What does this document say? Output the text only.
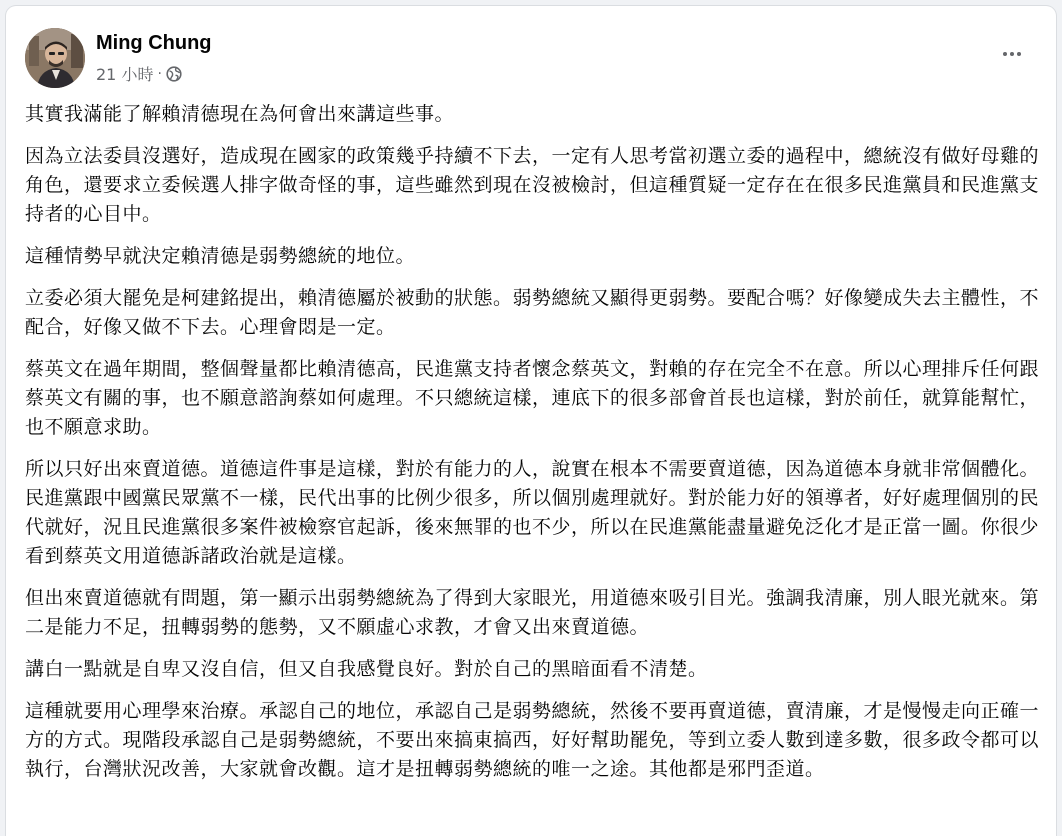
Ming Chung
21 小時 ·

其實我滿能了解賴清德現在為何會出來講這些事。

因為立法委員沒選好，造成現在國家的政策幾乎持續不下去，一定有人思考當初選立委的過程中，總統沒有做好母雞的角色，還要求立委候選人排字做奇怪的事，這些雖然到現在沒被檢討，但這種質疑一定存在在很多民進黨員和民進黨支持者的心目中。

這種情勢早就決定賴清德是弱勢總統的地位。

立委必須大罷免是柯建銘提出，賴清德屬於被動的狀態。弱勢總統又顯得更弱勢。要配合嗎？好像變成失去主體性，不配合，好像又做不下去。心理會悶是一定。

蔡英文在過年期間，整個聲量都比賴清德高，民進黨支持者懷念蔡英文，對賴的存在完全不在意。所以心理排斥任何跟蔡英文有關的事，也不願意諮詢蔡如何處理。不只總統這樣，連底下的很多部會首長也這樣，對於前任，就算能幫忙，也不願意求助。

所以只好出來賣道德。道德這件事是這樣，對於有能力的人，說實在根本不需要賣道德，因為道德本身就非常個體化。民進黨跟中國黨民眾黨不一樣，民代出事的比例少很多，所以個別處理就好。對於能力好的領導者，好好處理個別的民代就好，況且民進黨很多案件被檢察官起訴，後來無罪的也不少，所以在民進黨能盡量避免泛化才是正當一圖。你很少看到蔡英文用道德訴諸政治就是這樣。

但出來賣道德就有問題，第一顯示出弱勢總統為了得到大家眼光，用道德來吸引目光。強調我清廉，別人眼光就來。第二是能力不足，扭轉弱勢的態勢，又不願虛心求教，才會又出來賣道德。

講白一點就是自卑又沒自信，但又自我感覺良好。對於自己的黑暗面看不清楚。

這種就要用心理學來治療。承認自己的地位，承認自己是弱勢總統，然後不要再賣道德，賣清廉，才是慢慢走向正確一方的方式。現階段承認自己是弱勢總統，不要出來搞東搞西，好好幫助罷免，等到立委人數到達多數，很多政令都可以執行，台灣狀況改善，大家就會改觀。這才是扭轉弱勢總統的唯一之途。其他都是邪門歪道。
